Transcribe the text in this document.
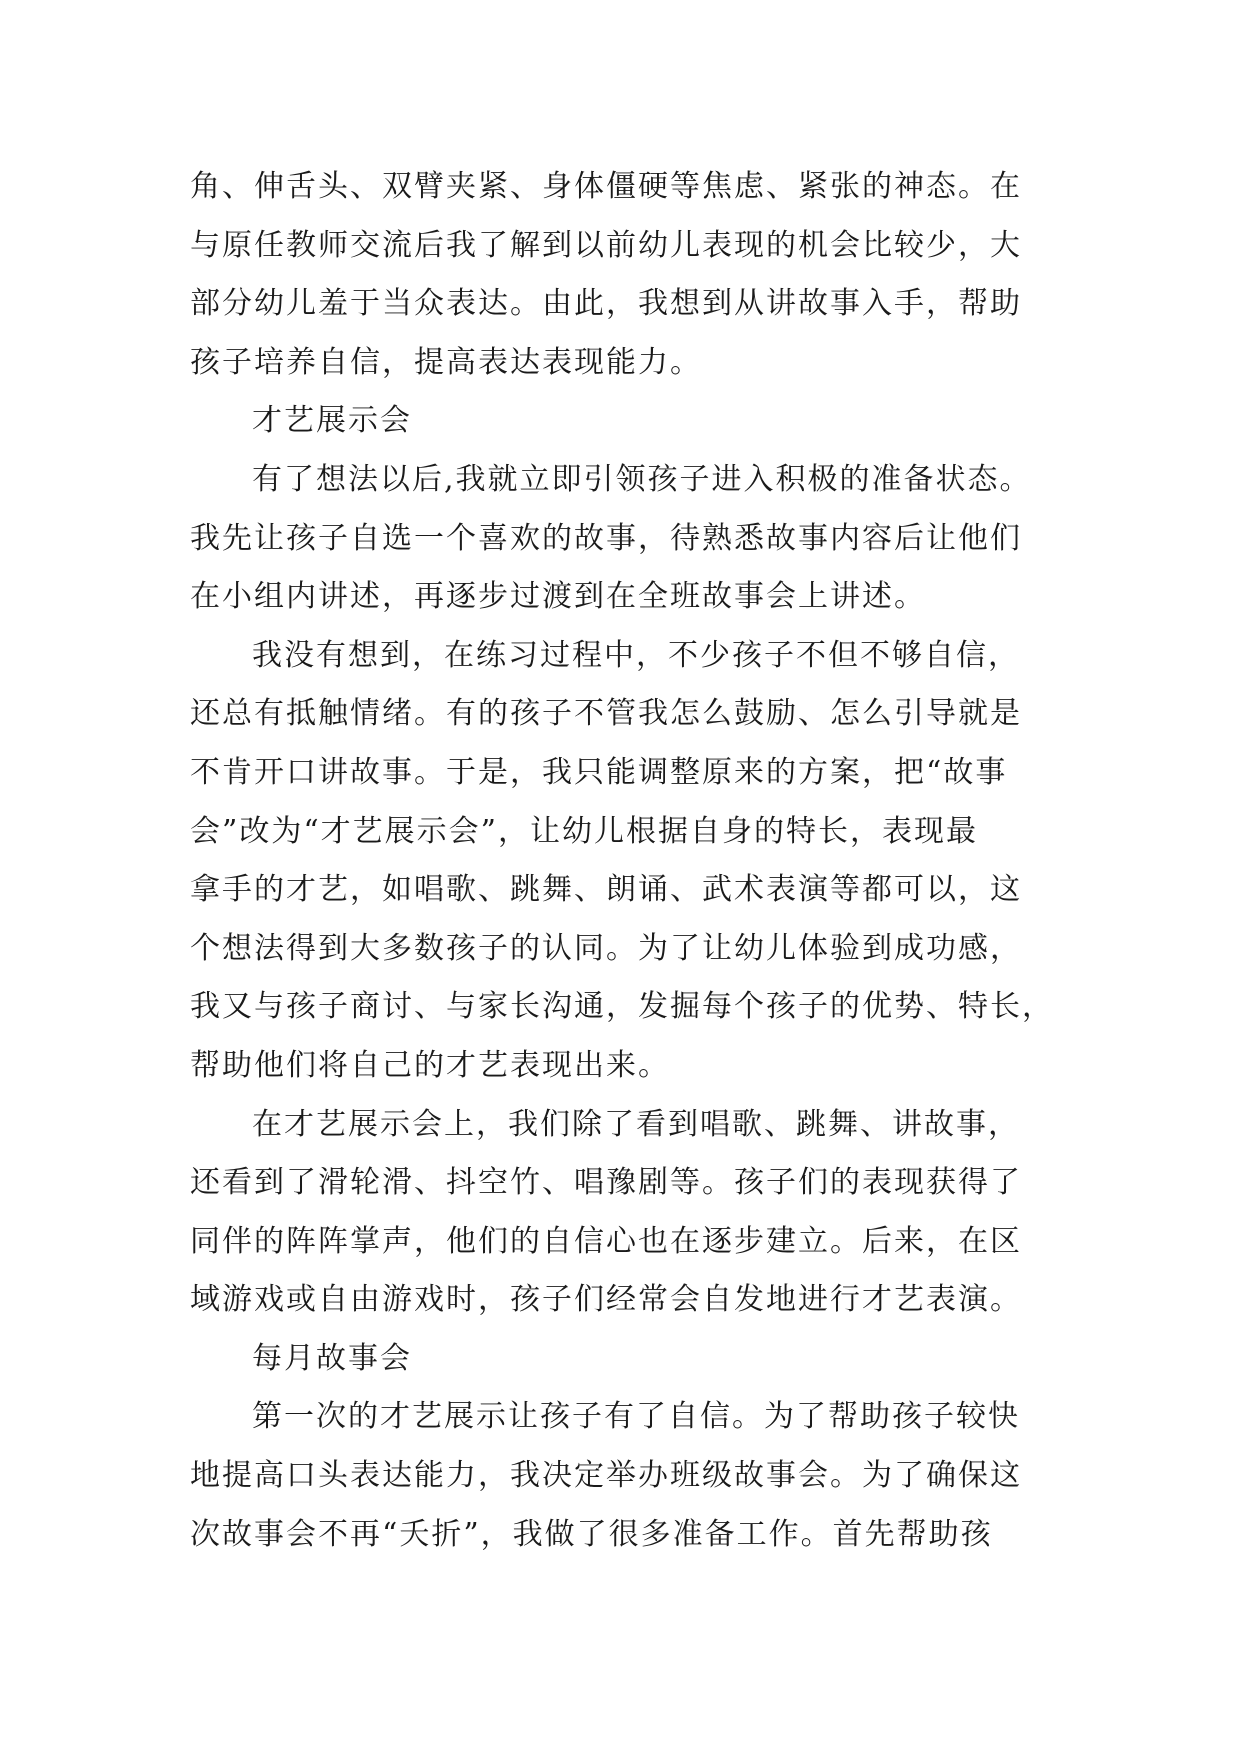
角、伸舌头、双臂夹紧、身体僵硬等焦虑、紧张的神态。在
与原任教师交流后我了解到以前幼儿表现的机会比较少，大
部分幼儿羞于当众表达。由此，我想到从讲故事入手，帮助
孩子培养自信，提高表达表现能力。
才艺展示会
有了想法以后,我就立即引领孩子进入积极的准备状态。
我先让孩子自选一个喜欢的故事，待熟悉故事内容后让他们
在小组内讲述，再逐步过渡到在全班故事会上讲述。
我没有想到，在练习过程中，不少孩子不但不够自信，
还总有抵触情绪。有的孩子不管我怎么鼓励、怎么引导就是
不肯开口讲故事。于是，我只能调整原来的方案，把“故事
会”改为“才艺展示会”，让幼儿根据自身的特长，表现最
拿手的才艺，如唱歌、跳舞、朗诵、武术表演等都可以，这
个想法得到大多数孩子的认同。为了让幼儿体验到成功感，
我又与孩子商讨、与家长沟通，发掘每个孩子的优势、特长，
帮助他们将自己的才艺表现出来。
在才艺展示会上，我们除了看到唱歌、跳舞、讲故事，
还看到了滑轮滑、抖空竹、唱豫剧等。孩子们的表现获得了
同伴的阵阵掌声，他们的自信心也在逐步建立。后来，在区
域游戏或自由游戏时，孩子们经常会自发地进行才艺表演。
每月故事会
第一次的才艺展示让孩子有了自信。为了帮助孩子较快
地提高口头表达能力，我决定举办班级故事会。为了确保这
次故事会不再“夭折”，我做了很多准备工作。首先帮助孩
